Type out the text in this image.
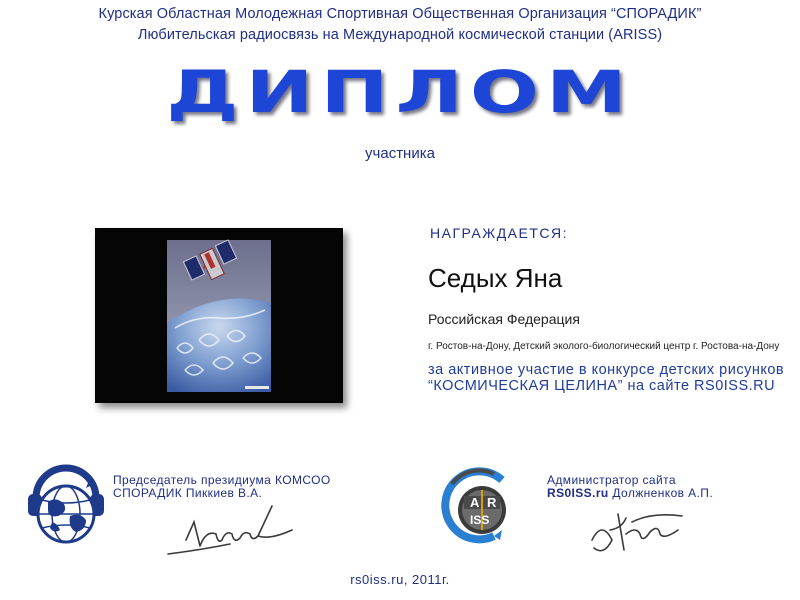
Курская Областная Молодежная Спортивная Общественная Организация “СПОРАДИК”
Любительская радиосвязь на Международной космической станции (ARISS)
ДИПЛОМ
участника
НАГРАЖДАЕТСЯ:
Седых Яна
Российская Федерация
г. Ростов-на-Дону, Детский эколого-биологический центр г. Ростова-на-Дону
за активное участие в конкурсе детских рисунков “КОСМИЧЕСКАЯ ЦЕЛИНА” на сайте RS0ISS.RU
Председатель президиума КОМСОО СПОРАДИК Пиккиев В.А.
A R
ISS
Администратор сайта
RS0ISS.ru Должненков А.П.
rs0iss.ru, 2011г.
